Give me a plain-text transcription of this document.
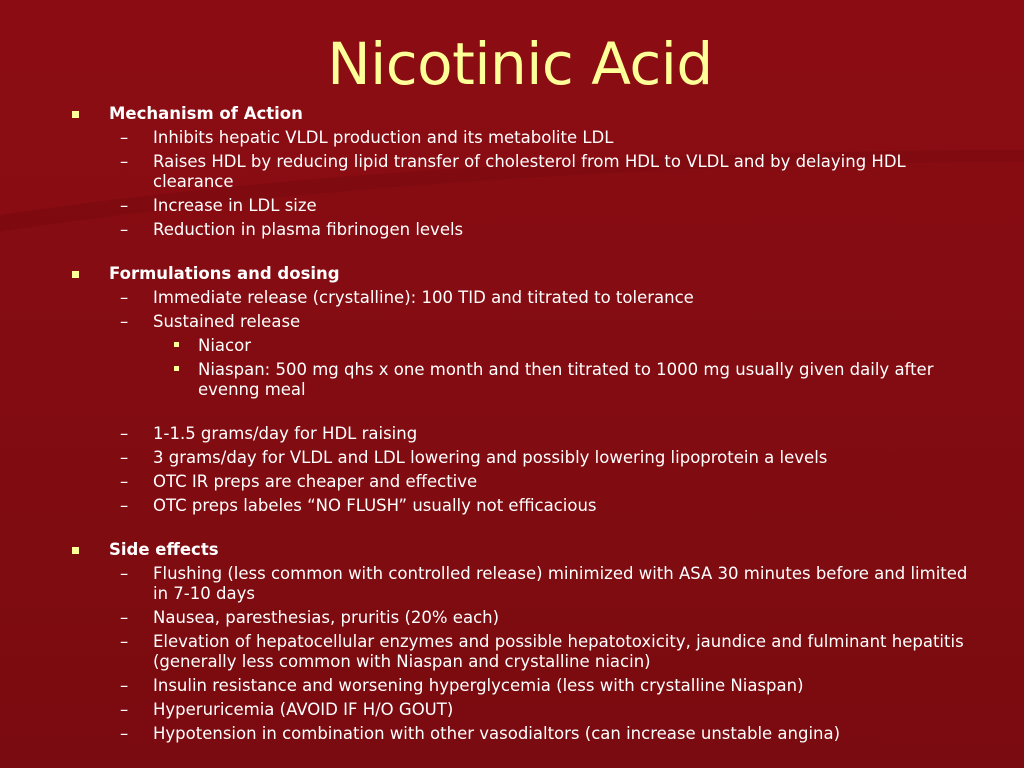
Nicotinic Acid
Mechanism of Action
– Inhibits hepatic VLDL production and its metabolite LDL
– Raises HDL by reducing lipid transfer of cholesterol from HDL to VLDL and by delaying HDL clearance
– Increase in LDL size
– Reduction in plasma fibrinogen levels
Formulations and dosing
– Immediate release (crystalline): 100 TID and titrated to tolerance
– Sustained release
Niacor
Niaspan: 500 mg qhs x one month and then titrated to 1000 mg usually given daily after evenng meal
– 1-1.5 grams/day for HDL raising
– 3 grams/day for VLDL and LDL lowering and possibly lowering lipoprotein a levels
– OTC IR preps are cheaper and effective
– OTC preps labeles “NO FLUSH” usually not efficacious
Side effects
– Flushing (less common with controlled release) minimized with ASA 30 minutes before and limited in 7-10 days
– Nausea, paresthesias, pruritis (20% each)
– Elevation of hepatocellular enzymes and possible hepatotoxicity, jaundice and fulminant hepatitis (generally less common with Niaspan and crystalline niacin)
– Insulin resistance and worsening hyperglycemia (less with crystalline Niaspan)
– Hyperuricemia (AVOID IF H/O GOUT)
– Hypotension in combination with other vasodialtors (can increase unstable angina)
